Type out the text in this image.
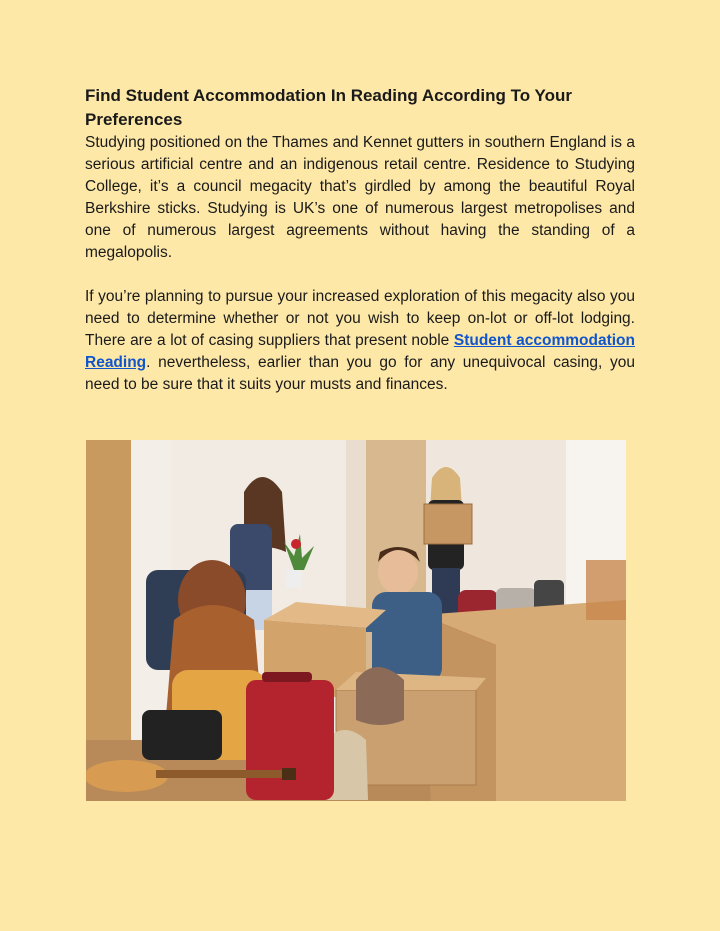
Find Student Accommodation In Reading According To Your Preferences

Studying positioned on the Thames and Kennet gutters in southern England is a serious artificial centre and an indigenous retail centre. Residence to Studying College, it’s a council megacity that’s girdled by among the beautiful Royal Berkshire sticks. Studying is UK’s one of numerous largest metropolises and one of numerous largest agreements without having the standing of a megalopolis.

If you’re planning to pursue your increased exploration of this megacity also you need to determine whether or not you wish to keep on-lot or off-lot lodging. There are a lot of casing suppliers that present noble Student accommodation Reading. nevertheless, earlier than you go for any unequivocal casing, you need to be sure that it suits your musts and finances.
